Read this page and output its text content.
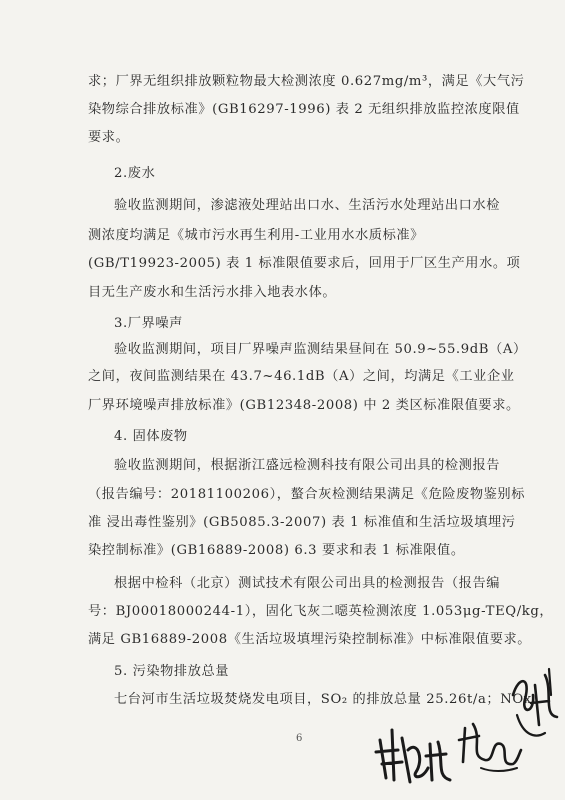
求；厂界无组织排放颗粒物最大检测浓度 0.627mg/m³，满足《大气污
染物综合排放标准》(GB16297-1996) 表 2 无组织排放监控浓度限值
要求。
2.废水
验收监测期间，渗滤液处理站出口水、生活污水处理站出口水检
测浓度均满足《城市污水再生利用-工业用水水质标准》
(GB/T19923-2005) 表 1 标准限值要求后，回用于厂区生产用水。项
目无生产废水和生活污水排入地表水体。
3.厂界噪声
验收监测期间，项目厂界噪声监测结果昼间在 50.9~55.9dB（A）
之间，夜间监测结果在 43.7~46.1dB（A）之间，均满足《工业企业
厂界环境噪声排放标准》(GB12348-2008) 中 2 类区标准限值要求。
4. 固体废物
验收监测期间，根据浙江盛远检测科技有限公司出具的检测报告
（报告编号：20181100206），螯合灰检测结果满足《危险废物鉴别标
准 浸出毒性鉴别》(GB5085.3-2007) 表 1 标准值和生活垃圾填埋污
染控制标准》(GB16889-2008) 6.3 要求和表 1 标准限值。
根据中检科（北京）测试技术有限公司出具的检测报告（报告编
号：BJ00018000244-1），固化飞灰二噁英检测浓度 1.053μg-TEQ/kg，
满足 GB16889-2008《生活垃圾填埋污染控制标准》中标准限值要求。
5. 污染物排放总量
七台河市生活垃圾焚烧发电项目，SO₂ 的排放总量 25.26t/a；NOx
6
